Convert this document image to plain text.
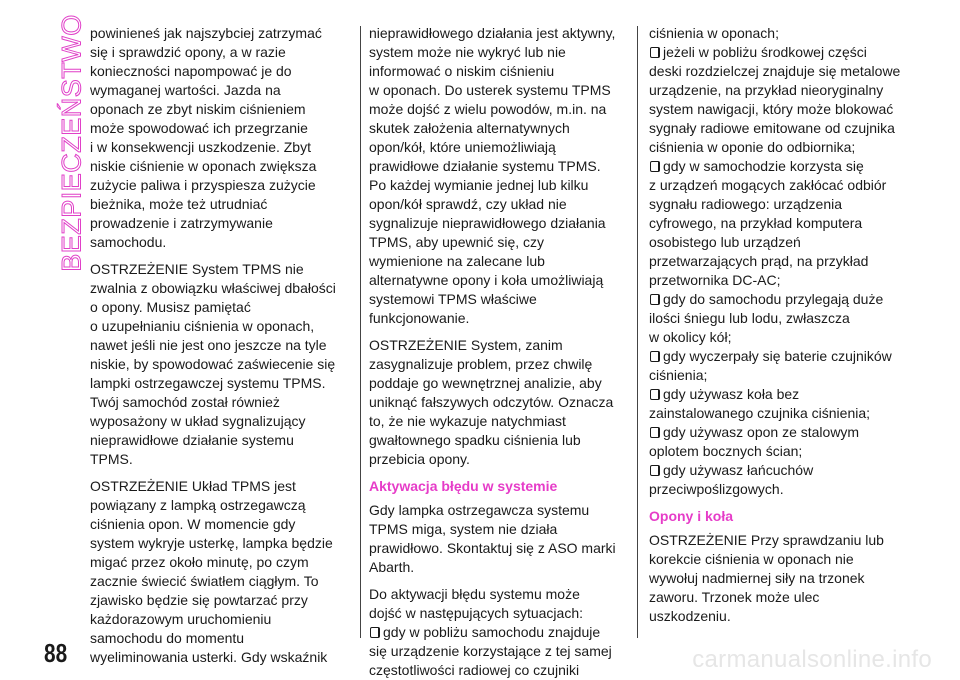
BEZPIECZEŃSTWO powinieneś jak najszybciej zatrzymać
się i sprawdzić opony, a w razie
konieczności napompować je do
wymaganej wartości. Jazda na
oponach ze zbyt niskim ciśnieniem
może spowodować ich przegrzanie
i w konsekwencji uszkodzenie. Zbyt
niskie ciśnienie w oponach zwiększa
zużycie paliwa i przyspiesza zużycie
bieżnika, może też utrudniać
prowadzenie i zatrzymywanie
samochodu.

OSTRZEŻENIE System TPMS nie
zwalnia z obowiązku właściwej dbałości
o opony. Musisz pamiętać
o uzupełnianiu ciśnienia w oponach,
nawet jeśli nie jest ono jeszcze na tyle
niskie, by spowodować zaświecenie się
lampki ostrzegawczej systemu TPMS.
Twój samochód został również
wyposażony w układ sygnalizujący
nieprawidłowe działanie systemu
TPMS.

OSTRZEŻENIE Układ TPMS jest
powiązany z lampką ostrzegawczą
ciśnienia opon. W momencie gdy
system wykryje usterkę, lampka będzie
migać przez około minutę, po czym
zacznie świecić światłem ciągłym. To
zjawisko będzie się powtarzać przy
każdorazowym uruchomieniu
samochodu do momentu
wyeliminowania usterki. Gdy wskaźnik

nieprawidłowego działania jest aktywny,
system może nie wykryć lub nie
informować o niskim ciśnieniu
w oponach. Do usterek systemu TPMS
może dojść z wielu powodów, m.in. na
skutek założenia alternatywnych
opon/kół, które uniemożliwiają
prawidłowe działanie systemu TPMS.
Po każdej wymianie jednej lub kilku
opon/kół sprawdź, czy układ nie
sygnalizuje nieprawidłowego działania
TPMS, aby upewnić się, czy
wymienione na zalecane lub
alternatywne opony i koła umożliwiają
systemowi TPMS właściwe
funkcjonowanie.

OSTRZEŻENIE System, zanim
zasygnalizuje problem, przez chwilę
poddaje go wewnętrznej analizie, aby
uniknąć fałszywych odczytów. Oznacza
to, że nie wykazuje natychmiast
gwałtownego spadku ciśnienia lub
przebicia opony.

Aktywacja błędu w systemie

Gdy lampka ostrzegawcza systemu
TPMS miga, system nie działa
prawidłowo. Skontaktuj się z ASO marki
Abarth.

Do aktywacji błędu systemu może
dojść w następujących sytuacjach:

gdy w pobliżu samochodu znajduje
się urządzenie korzystające z tej samej
częstotliwości radiowej co czujniki

ciśnienia w oponach;

jeżeli w pobliżu środkowej części
deski rozdzielczej znajduje się metalowe
urządzenie, na przykład nieoryginalny
system nawigacji, który może blokować
sygnały radiowe emitowane od czujnika
ciśnienia w oponie do odbiornika;

gdy w samochodzie korzysta się
z urządzeń mogących zakłócać odbiór
sygnału radiowego: urządzenia
cyfrowego, na przykład komputera
osobistego lub urządzeń
przetwarzających prąd, na przykład
przetwornika DC-AC;

gdy do samochodu przylegają duże
ilości śniegu lub lodu, zwłaszcza
w okolicy kół;

gdy wyczerpały się baterie czujników
ciśnienia;

gdy używasz koła bez
zainstalowanego czujnika ciśnienia;

gdy używasz opon ze stalowym
oplotem bocznych ścian;

gdy używasz łańcuchów
przeciwpoślizgowych.

Opony i koła

OSTRZEŻENIE Przy sprawdzaniu lub
korekcie ciśnienia w oponach nie
wywołuj nadmiernej siły na trzonek
zaworu. Trzonek może ulec
uszkodzeniu.

88	carmanualsonline.info
